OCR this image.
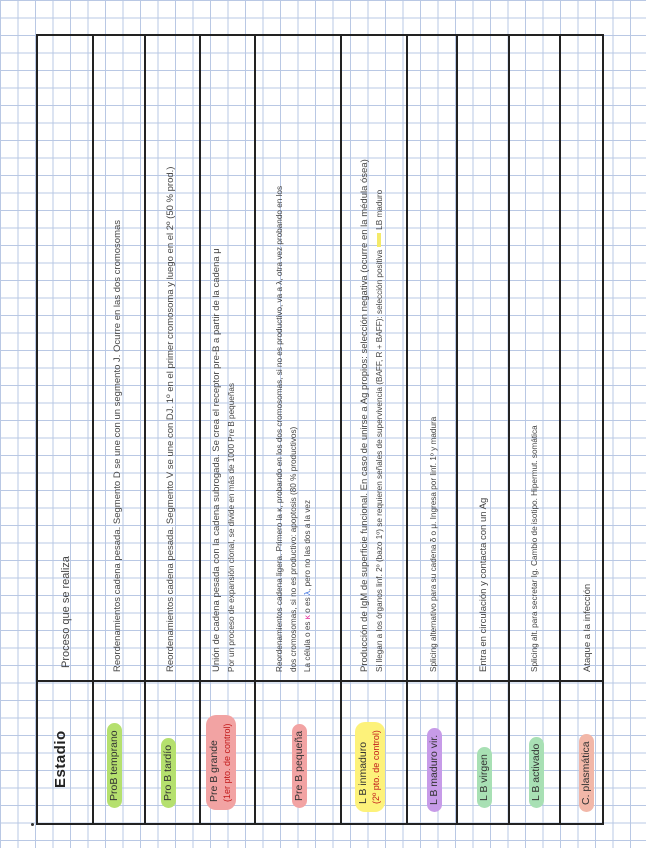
Estadio
Proceso que se realiza
ProB temprano
Reordenamientos cadena pesada. Segmento D se une con un segmento J. Ocurre en las dos cromosomas
Pro B tardío
Reordenamientos cadena pesada. Segmento V se une con DJ. 1º en el primer cromosoma y luego en el 2º (50 % prod.)
Pre B grande (1er pto. de control)
Unión de cadena pesada con la cadena subrogada. Se crea el receptor pre-B a partir de la cadena μ Por un proceso de expansión clonal, se divide en más de 1000 Pre B pequeñas
Pre B pequeña
Reordenamientos cadena ligera. Primero la κ, probando en los dos cromosomas, si no es productivo, va a λ, otra vez probando en los dos cromosomas, si no es productivo: apoptosis (80 % productivos) La célula o es κ o es λ, pero no las dos a la vez
L B inmaduro (2º pto. de control)
Producción de IgM de superficie funcional. En caso de unirse a Ag propios: selección negativa (ocurre en la médula ósea) Si llegan a los órganos linf. 2º (bazo 1º) se requieren señales de supervivencia (BAFF, R + BAFF): selección positivaLB maduro
L B maduro vir.
Splicing alternativo para su cadena δ o μ. Ingresa por linf. 1º y madura
L B virgen
Entra en circulación y contacta con un Ag
L B activado
Splicing alt. para secretar Ig. Cambio de isotipo. Hipermut. somática
C. plasmática
Ataque a la infección
